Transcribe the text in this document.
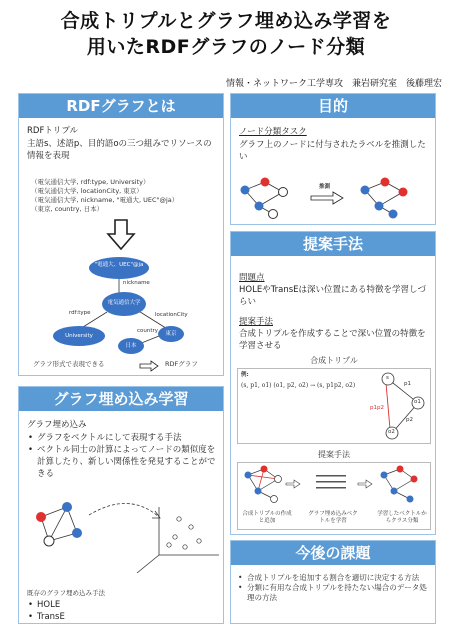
合成トリプルとグラフ埋め込み学習を
用いたRDFグラフのノード分類
情報・ネットワーク工学専攻　兼岩研究室　後藤理宏
RDFグラフとは
RDFトリプル
主語s、述語p、目的語oの三つ組みでリソースの情報を表現
（電気通信大学, rdf:type, University）
（電気通信大学, locationCity, 東京）
（電気通信大学, nickname, "電通大, UEC"@ja）
（東京, country, 日本）
"電通大、UEC"@ja
電気通信大学
University	東京
日本
nickname
rdf:type	locationCity
country
グラフ形式で表現できる	RDFグラフ
グラフ埋め込み学習
グラフ埋め込み
• グラフをベクトルにして表現する手法
• ベクトル同士の計算によってノードの類似度を計算したり、新しい関係性を発見することができる
既存のグラフ埋め込み手法
• HOLE
• TransE
目的
ノード分類タスク
グラフ上のノードに付与されたラベルを推測したい
推測
提案手法
問題点
HOLEやTransEは深い位置にある特徴を学習しづらい
提案手法
合成トリプルを作成することで深い位置の特徴を学習させる
合成トリプル
例:
(s, p1, o1) (o1, p2, o2) → (s, p1p2, o2)
s
o1
o2
p1
p2
p1p2
提案手法
合成トリプルの作成と追加
グラフ埋め込みベクトルを学習
学習したベクトルからクラス分類
今後の課題
• 合成トリプルを追加する割合を適切に決定する方法
• 分類に有用な合成トリプルを持たない場合のデータ処理の方法
